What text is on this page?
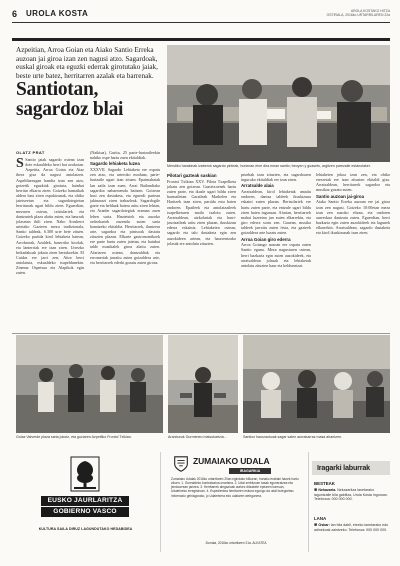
6 UROLA KOSTA	UROLA KOSTAKO HITZA
OSTIRALA, 2016ko URTARRILAREN 22a
Azpeitian, Arroa Goian eta Aiako Santio Erreka auzoan jai giroa izan zen nagusi atzo. Sagardoak, euskal giroak eta eguzki ederrak girotutako jaiak, beste urte batez, herritarren azalak eta barrenak.
Santiotan, sagardoz blai
OLATZ PRAT
Mendiko harakinak izaberok sagardo pinteak, hunenan etxe dira eman santio; beoyen y guaseto, argitzen parezaile estanolaker.
S Santio jaiak sagardo ostean izan dote eskualdeko herri bat ozokotan. Azpeitia, Arroa Goian eta Aiaz ibera gisa da nagusi antolatzen. Aspeldiarrugan bandia izan zen atzo, goizetik eguzkiak girotuta, hainbat herritar elkartu ziren. Goizeko hamaikak aldera hasi ziren ospakizunak, eta ohiko jatetxeetan eta sagardotegietan herritarrak ugari bildu ziren. Eguerdian, mezaren ostean, txistulariek eta dantzariek plaza alaitu zuten, eta haurrak jolasetan ibili ziren. Nabo Arruberri urtetako Gazteen mezu tradizionala, Santio taldeak, 6.300 urte bete zituen. Goizeko partida kirol lehiaketa batean, Arrobarrak, Azaldek, baserriko kirolak, eta lanterriak ere izan ziren. Urrezko brikadakoak jokatu ziren bertakoekin. El Cuidas ere jarri zen, Aitor berri antolatuta, eskualdeko txapeldunekin. Zinema Ospetsua eta Alapikok egin zuten.
(Naiktua), Gurita, 25 parte-hartzaileekin nahiko ospe hartu zuen ekitaldiak.
Sagardo lehiaketa luzea
XXXVII. Sagardo Lehiaketa ere ospatu zen atzo, eta urteroko moduan, parte-hartzaile ugari izan zituen. Epaimahaiak lan zaila izan zuen, Arrai Bailandiako sagardoa nabarmendu baitzen. Goizean hasi zen dastaketa, eta eguerdi partean jakinarazi ziren irabazleak. Sagardogile gazte eta helduak batera aritu ziren lehian, eta Aranbe sagardotegiak eraman zuen lehen saria. Hautetsiek eta auzoko ordezkariek zuzendu zuten saria banatzeko ekitaldia. Herritarrek, iluntzera arte, sagardoa eta pintxoak dastatu zituzten plazan. Elkarte gastronomikoek ere parte hartu zuten jaietan, eta hainbat talde musikalek giroa alaitu zuten. Afariaren ostean, dantzaldiak eta erromeriak jarraitu zuten goizaldera arte, eta herritarrek ederki gozatu zuten giroaz.
Pilotari gazteak saskian
Frontoi Txikian XXV. Pilota Txapelketa jokatu zen goizean. Gaztetxoenek hartu zuten parte, eta ikusle ugari bildu ziren harmailetan. Garaileak Markelen eta Haritzek izan ziren, partida estu baten ondoren. Epaileek eta antolatzaileek txapelketaren maila txalotu zuten. Arratsaldean, aizkolariak eta harri-jasotzaileak aritu ziren plazan, ikuskizun ederra eskainiz. Lehiaketen ostean, sagardo eta talo dastaketa egin zen auzokideen artean, eta haurrentzako jolasak ere antolatu zituzten.
pruebak izan zituzten, eta sagardoaren inguruko ekitaldiak ere izan ziren.
Arratsalde alaia
Arratsaldean, kirol lehiaketak amaitu ondoren, dantza taldeek ikuskizuna eskaini zuten plazan. Bertsolariek ere hartu zuten parte, eta entzule ugari bildu ziren haien inguruan. Afarian, herritarrek mahai luzeetan jan zuten elkarrekin, eta giro ederra sortu zen. Gauean, musika taldeek jarraitu zuten festa, eta gazteek goizaldera arte luzatu zuten.
Arroa Goian giro ederra
Arroa Goiango auzoan ere ospatu zuten Santio eguna. Meza nagusiaren ostean, herri bazkaria egin zuten auzokideek, eta arratsaldean jolasak eta lehiaketak antolatu zituzten haur eta helduentzat.
lehiaketen jokoa izan zen, eta ohiko errezetak ere izan zituzten ekitaldi gisa. Arratsaldean, herritarrek sagardoz eta musikaz gozatu zuten.
Santio auzoan jai-giroa
Aiako Santio Erreka auzoan ere jai giroa izan zen nagusi. Goizeko 10:00etan meza izan zen auzoko elizan, eta ondoren aurreskua dantzatu zuten. Eguerdian, herri bazkaria egin zuten auzokideek eta lagunek elkarrekin. Arratsaldean, sagardo dastaketa eta kirol ikuskizunak izan ziren.
Goiaz Valverde plaza saria jokotz, eta guciaren Azpeitiko Frontoi Txikian.	Aranburuk Gurmeneo maisukartzia...	Santioz haurzaukoak sagar salen aurrakarraz masa ahantzen.
EUSKO JAURLARITZA
GOBIERNO VASCO
KULTURA SAILA DIRUZ LAGUNDUTAKO HEDABIDEA
ZUMAIAKO UDALA
IRAGARKIA
Zumaiako Udalak 2016ko urtarrilaren 20an egindako bilkuran, honako erabaki hauek hartu zituen: 1. Gurealdeko kontratazioa onartzea. 2. Udal zerbitzuen tasak eguneratzea eta jendaurrean jartzea. 3. Herritarrek alegazioak aurkez ditzakete epearen barruan, Udaletxeko erregistroan. 4. Espedientea herritarren eskura egongo da udal bulegoetan. Informazio gehiagorako, jo Udaletxera edo udalaren webgunera.
Zumaia, 2016ko urtarrilaren 21a. ALKATEA
Iragarki laburrak
BESTEAK
■ Nekazaria. Nekazaritza lanetarako laguntzaile bila gabiltza, Urola Kosta inguruan. Telefonoa: 000 000 000.
LANA
■ Oskar: lan bila dabil, etxeko lanetarako edo adinekoak zaintzeko. Telefonoa: 000 000 000.
